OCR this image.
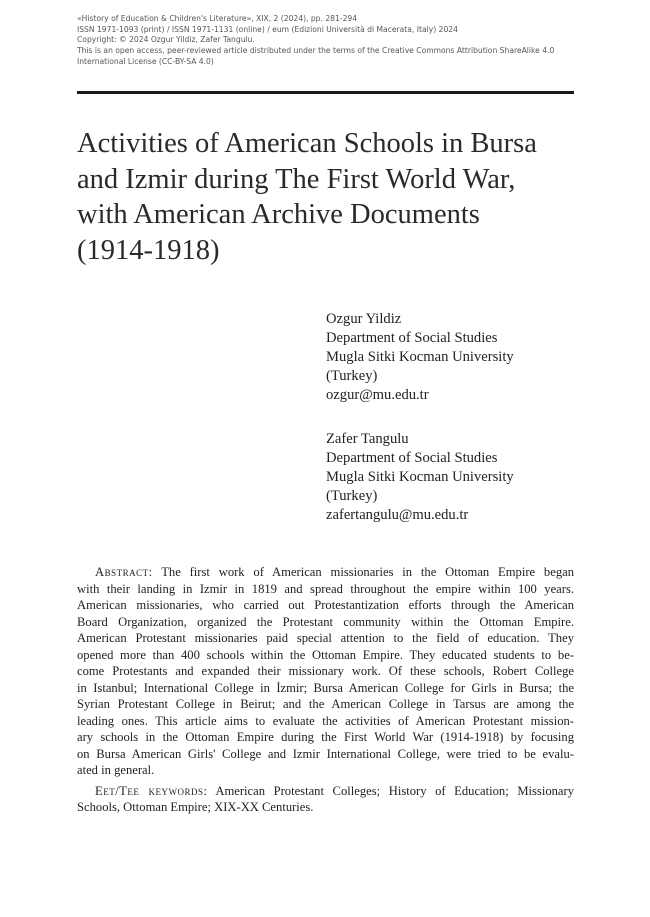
«History of Education & Children's Literature», XIX, 2 (2024), pp. 281-294
ISSN 1971-1093 (print) / ISSN 1971-1131 (online) / eum (Edizioni Università di Macerata, Italy) 2024
Copyright: © 2024 Ozgur Yildiz, Zafer Tangulu.
This is an open access, peer-reviewed article distributed under the terms of the Creative Commons Attribution ShareAlike 4.0
International License (CC-BY-SA 4.0)
Activities of American Schools in Bursa
and Izmir during The First World War,
with American Archive Documents
(1914-1918)
Ozgur Yildiz
Department of Social Studies
Mugla Sitki Kocman University
(Turkey)
ozgur@mu.edu.tr
Zafer Tangulu
Department of Social Studies
Mugla Sitki Kocman University
(Turkey)
zafertangulu@mu.edu.tr

Abstract: The first work of American missionaries in the Ottoman Empire began
with their landing in Izmir in 1819 and spread throughout the empire within 100 years.
American missionaries, who carried out Protestantization efforts through the American
Board Organization, organized the Protestant community within the Ottoman Empire.
American Protestant missionaries paid special attention to the field of education. They
opened more than 400 schools within the Ottoman Empire. They educated students to be-
come Protestants and expanded their missionary work. Of these schools, Robert College
in Istanbul; International College in İzmir; Bursa American College for Girls in Bursa; the
Syrian Protestant College in Beirut; and the American College in Tarsus are among the
leading ones. This article aims to evaluate the activities of American Protestant mission-
ary schools in the Ottoman Empire during the First World War (1914-1918) by focusing
on Bursa American Girls' College and Izmir International College, were tried to be evalu-
ated in general.

Eet/Tee keywords: American Protestant Colleges; History of Education; Missionary
Schools, Ottoman Empire; XIX-XX Centuries.
